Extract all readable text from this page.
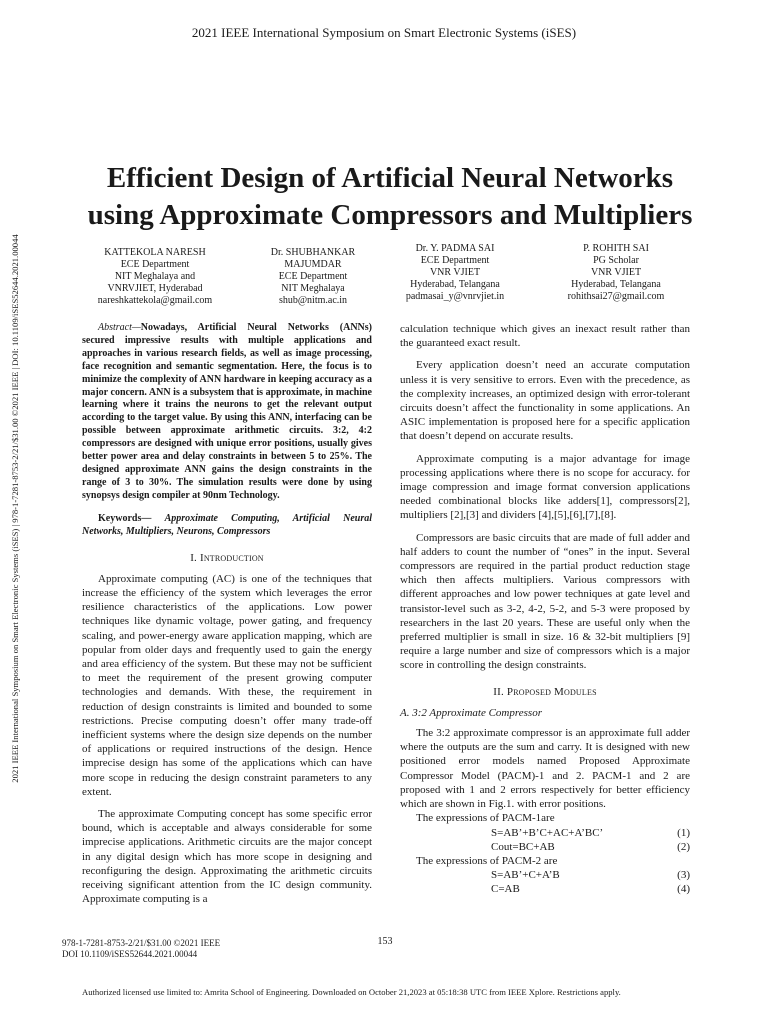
2021 IEEE International Symposium on Smart Electronic Systems (iSES)
2021 IEEE International Symposium on Smart Electronic Systems (iSES) | 978-1-7281-8753-2/21/$31.00 ©2021 IEEE | DOI: 10.1109/iSES52644.2021.00044
Efficient Design of Artificial Neural Networks
using Approximate Compressors and Multipliers
KATTEKOLA NARESH
ECE Department
NIT Meghalaya and
VNRVJIET, Hyderabad
nareshkattekola@gmail.com
Dr. SHUBHANKAR
MAJUMDAR
ECE Department
NIT Meghalaya
shub@nitm.ac.in
Dr. Y. PADMA SAI
ECE Department
VNR VJIET
Hyderabad, Telangana
padmasai_y@vnrvjiet.in
P. ROHITH SAI
PG Scholar
VNR VJIET
Hyderabad, Telangana
rohithsai27@gmail.com
Abstract—Nowadays, Artificial Neural Networks (ANNs) secured impressive results with multiple applications and approaches in various research fields, as well as image processing, face recognition and semantic segmentation. Here, the focus is to minimize the complexity of ANN hardware in keeping accuracy as a major concern. ANN is a subsystem that is approximate, in machine learning where it trains the neurons to get the relevant output according to the target value. By using this ANN, interfacing can be possible between approximate arithmetic circuits. 3:2, 4:2 compressors are designed with unique error positions, usually gives better power area and delay constraints in between 5 to 25%. The designed approximate ANN gains the design constraints in the range of 3 to 30%. The simulation results were done by using synopsys design compiler at 90nm Technology.
Keywords— Approximate Computing, Artificial Neural Networks, Multipliers, Neurons, Compressors
I. Introduction

Approximate computing (AC) is one of the techniques that increase the efficiency of the system which leverages the error resilience characteristics of the applications. Low power techniques like dynamic voltage, power gating, and frequency scaling, and power-energy aware application mapping, which are popular from older days and frequently used to gain the energy and area efficiency of the system. But these may not be sufficient to meet the requirement of the present growing computer technologies and demands. With these, the requirement in reduction of design constraints is limited and bounded to some restrictions. Precise computing doesn’t offer many trade-off inefficient systems where the design size depends on the number of applications or required instructions of the design. Hence imprecise design has some of the applications which can have more scope in reducing the design constraint parameters to any extent.

The approximate Computing concept has some specific error bound, which is acceptable and always considerable for some imprecise applications. Arithmetic circuits are the major concept in any digital design which has more scope in designing and reconfiguring the design. Approximating the arithmetic circuits receiving significant attention from the IC design community. Approximate computing is a

calculation technique which gives an inexact result rather than the guaranteed exact result.

Every application doesn’t need an accurate computation unless it is very sensitive to errors. Even with the precedence, as the complexity increases, an optimized design with error-tolerant circuits doesn’t affect the functionality in some applications. An ASIC implementation is proposed here for a specific application that doesn’t depend on accurate results.

Approximate computing is a major advantage for image processing applications where there is no scope for accuracy. for image compression and image format conversion applications needed combinational blocks like adders[1], compressors[2], multipliers [2],[3] and dividers [4],[5],[6],[7],[8].

Compressors are basic circuits that are made of full adder and half adders to count the number of “ones” in the input. Several compressors are required in the partial product reduction stage which then affects multipliers. Various compressors with different approaches and low power techniques at gate level and transistor-level such as 3-2, 4-2, 5-2, and 5-3 were proposed by researchers in the last 20 years. These are useful only when the preferred multiplier is small in size. 16 & 32-bit multipliers [9] require a large number and size of compressors which is a major score in controlling the design constraints.

II. Proposed Modules
A. 3:2 Approximate Compressor

The 3:2 approximate compressor is an approximate full adder where the outputs are the sum and carry. It is designed with new positioned error models named Proposed Approximate Compressor Model (PACM)-1 and 2. PACM-1 and 2 are proposed with 1 and 2 errors respectively for better efficiency which are shown in Fig.1. with error positions.

The expressions of PACM-1are
S=AB’+B’C+AC+A’BC’	(1)
Cout=BC+AB	(2)
The expressions of PACM-2 are
S=AB’+C+A’B	(3)
C=AB	(4)
978-1-7281-8753-2/21/$31.00 ©2021 IEEE
DOI 10.1109/iSES52644.2021.00044
153
Authorized licensed use limited to: Amrita School of Engineering. Downloaded on October 21,2023 at 05:18:38 UTC from IEEE Xplore. Restrictions apply.
